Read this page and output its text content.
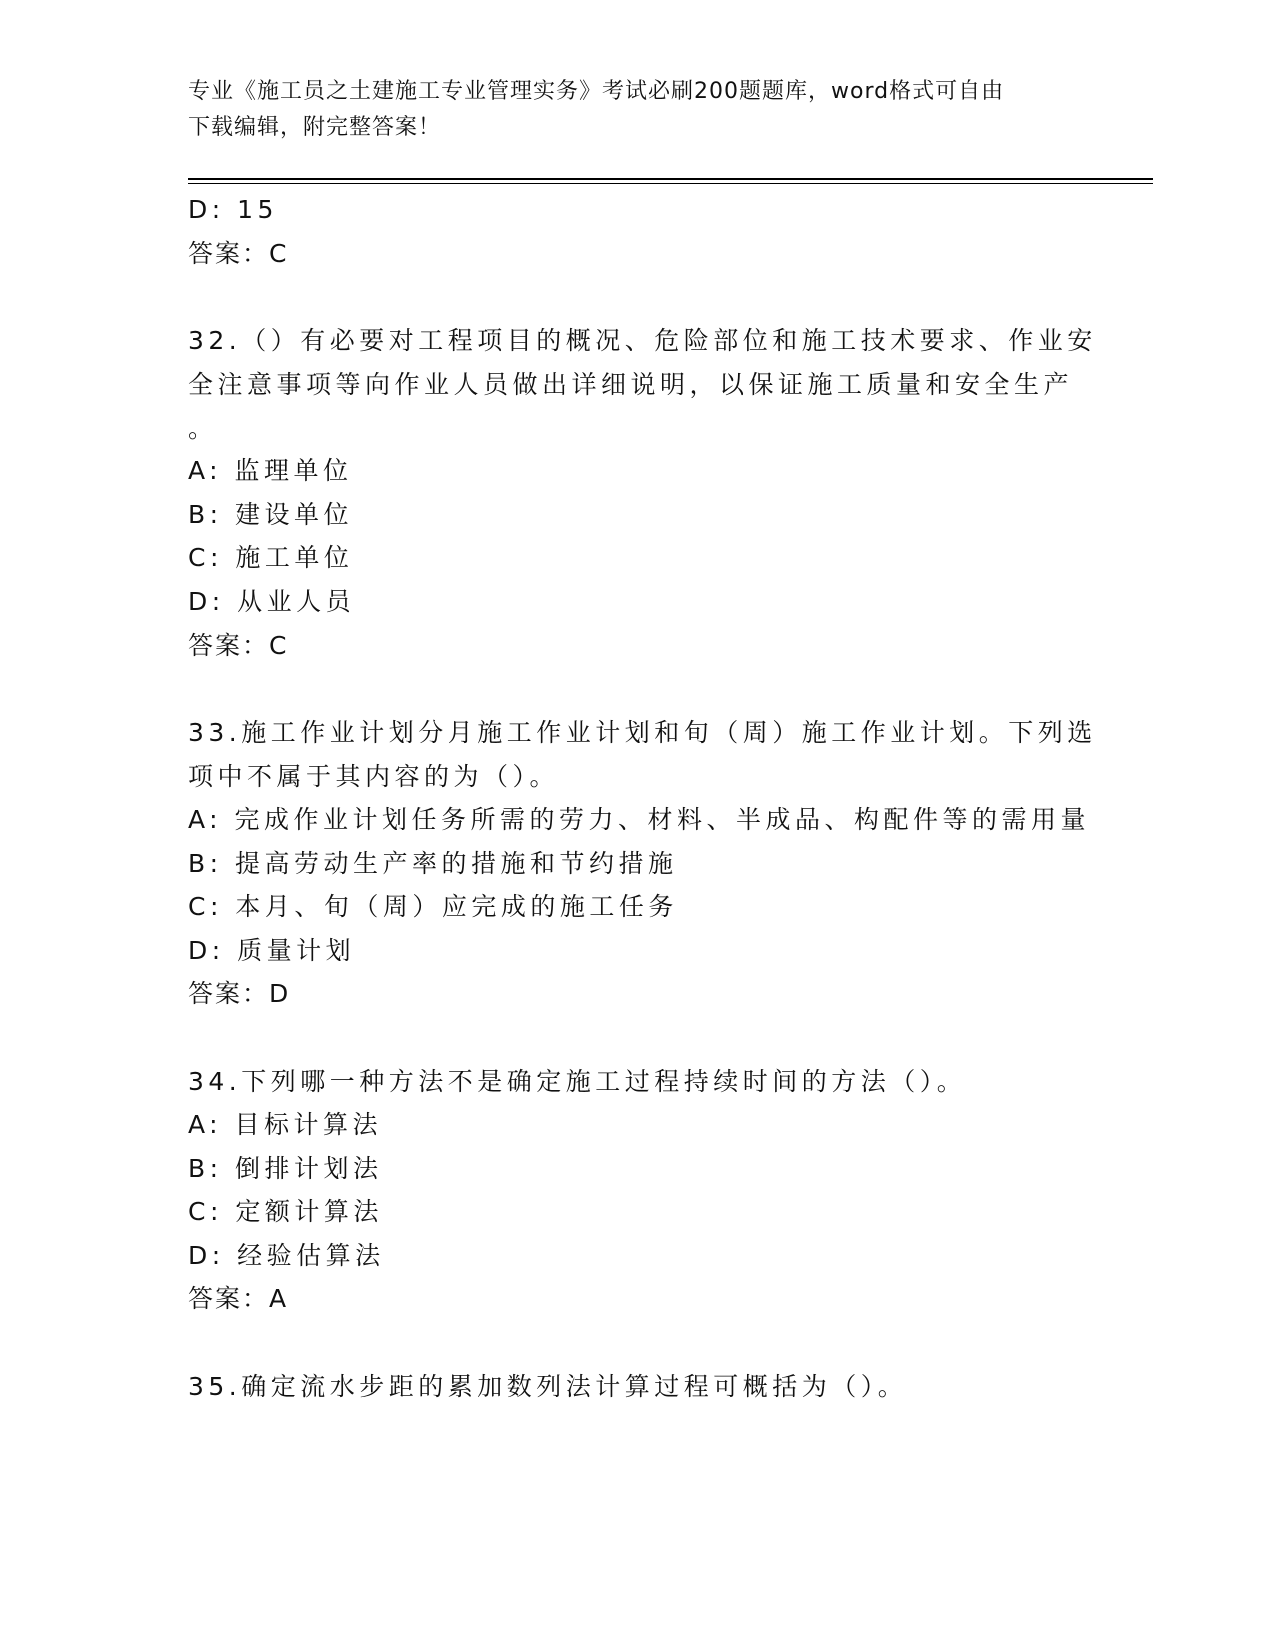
专业《施工员之土建施工专业管理实务》考试必刷200题题库，word格式可自由
下载编辑，附完整答案！
D: 15
答案：C
32.（）有必要对工程项目的概况、危险部位和施工技术要求、作业安
全注意事项等向作业人员做出详细说明，以保证施工质量和安全生产
。
A: 监理单位
B: 建设单位
C: 施工单位
D: 从业人员
答案：C
33.施工作业计划分月施工作业计划和旬（周）施工作业计划。下列选
项中不属于其内容的为（）。
A: 完成作业计划任务所需的劳力、材料、半成品、构配件等的需用量
B: 提高劳动生产率的措施和节约措施
C: 本月、旬（周）应完成的施工任务
D: 质量计划
答案：D
34.下列哪一种方法不是确定施工过程持续时间的方法（）。
A: 目标计算法
B: 倒排计划法
C: 定额计算法
D: 经验估算法
答案：A
35.确定流水步距的累加数列法计算过程可概括为（）。
